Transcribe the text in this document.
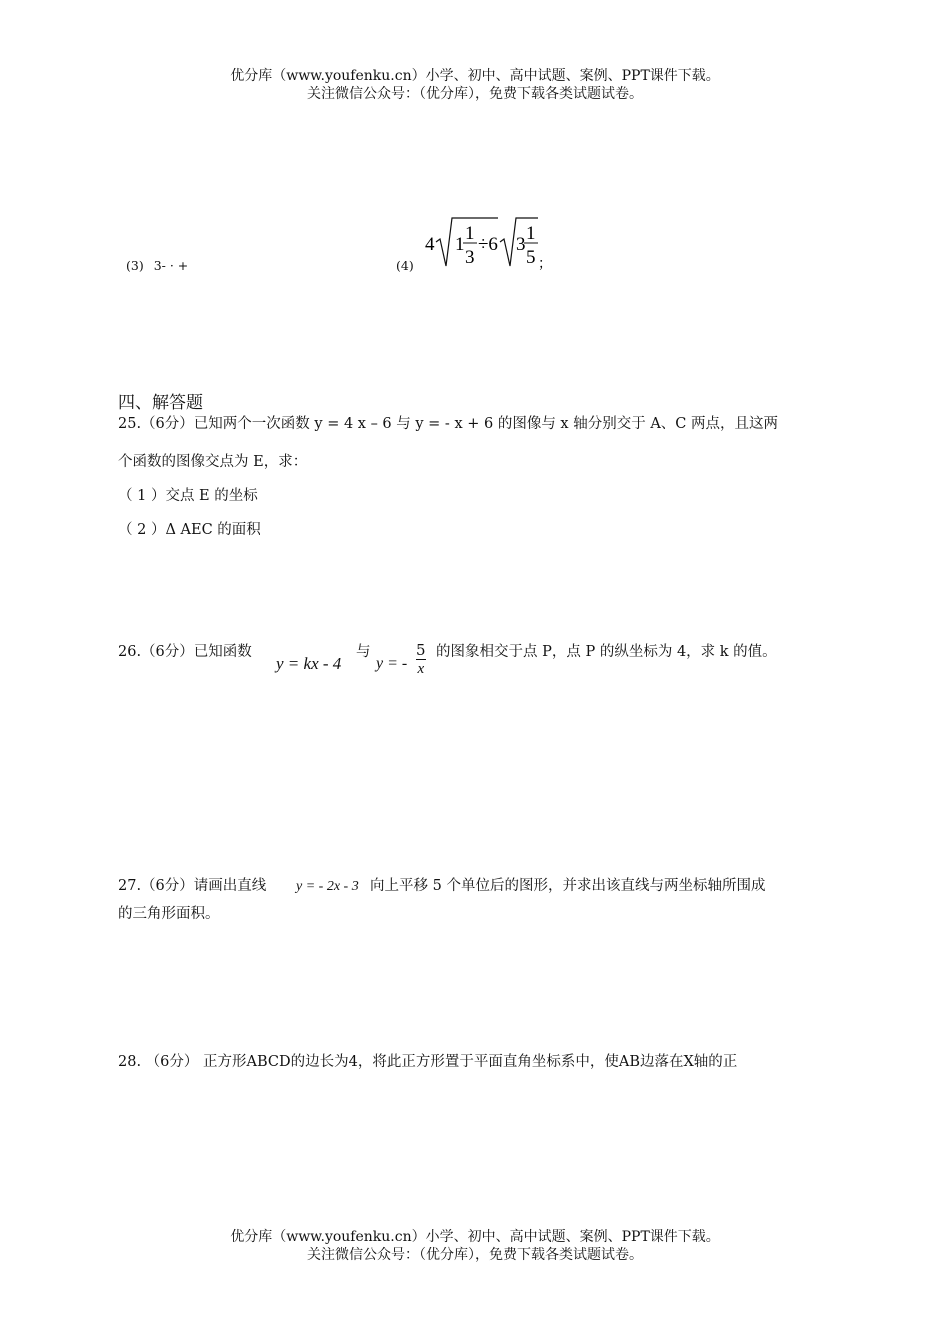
优分库（www.youfenku.cn）小学、初中、高中试题、案例、PPT课件下载。
关注微信公众号：（优分库），免费下载各类试题试卷。
(3) 3- · +	(4)
4 1
1
3
÷6 3
1
5 ；
四、解答题
25.（6分）已知两个一次函数 y = 4 x – 6 与 y = - x + 6 的图像与 x 轴分别交于 A、C 两点，且这两
个函数的图像交点为 E，求：
（ 1 ）交点 E 的坐标
（ 2 ）Δ AEC 的面积
26.（6分）已知函数
y = kx - 4
与
y = - $\frac{5}{x}$ 的图象相交于点 P，点 P 的纵坐标为 4，求 k 的值。
27.（6分）请画出直线 y = - 2x - 3 向上平移 5 个单位后的图形，并求出该直线与两坐标轴所围成
的三角形面积。
28. （6分） 正方形ABCD的边长为4，将此正方形置于平面直角坐标系中，使AB边落在X轴的正
优分库（www.youfenku.cn）小学、初中、高中试题、案例、PPT课件下载。
关注微信公众号：（优分库），免费下载各类试题试卷。
